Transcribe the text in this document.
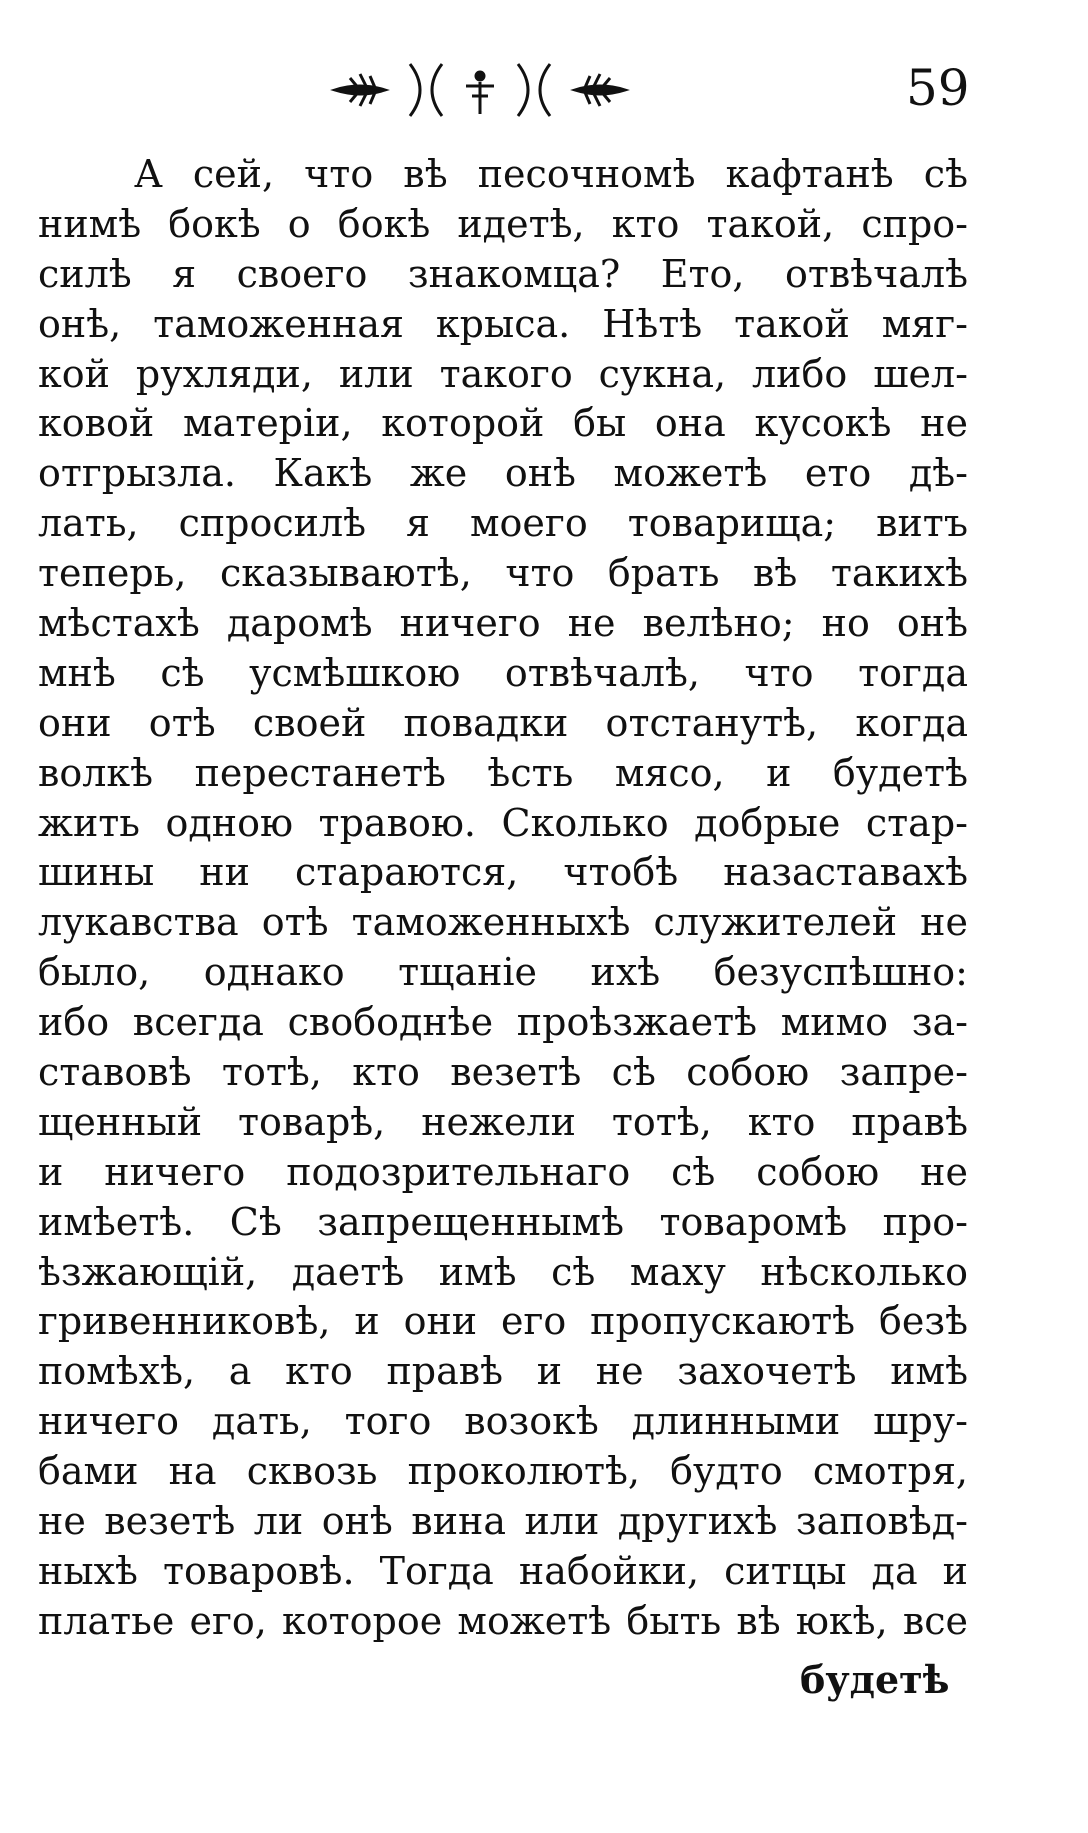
59
А сей, что вѣ песочномѣ кафтанѣ сѣ
нимѣ бокѣ о бокѣ идетѣ, кто такой, спро-
силѣ я своего знакомца? Ето, отвѣчалѣ
онѣ, таможенная крыса. Нѣтѣ такой мяг-
кой рухляди, или такого сукна, либо шел-
ковой матеріи, которой бы она кусокѣ не
отгрызла. Какѣ же онѣ можетѣ ето дѣ-
лать, спросилѣ я моего товарища; витъ
теперь, сказываютѣ, что брать вѣ такихѣ
мѣстахѣ даромѣ ничего не велѣно; но онѣ
мнѣ сѣ усмѣшкою отвѣчалѣ, что тогда
они отѣ своей повадки отстанутѣ, когда
волкѣ перестанетѣ ѣсть мясо, и будетѣ
жить одною травою. Сколько добрые стар-
шины ни стараются, чтобѣ назаставахѣ
лукавства отѣ таможенныхѣ служителей не
было, однако тщаніе ихѣ безуспѣшно:
ибо всегда свободнѣе проѣзжаетѣ мимо за-
ставовѣ тотѣ, кто везетѣ сѣ собою запре-
щенный товарѣ, нежели тотѣ, кто правѣ
и ничего подозрительнаго сѣ собою не
имѣетѣ. Сѣ запрещеннымѣ товаромѣ про-
ѣзжающій, даетѣ имѣ сѣ маху нѣсколько
гривенниковѣ, и они его пропускаютѣ безѣ
помѣхѣ, а кто правѣ и не захочетѣ имѣ
ничего дать, того возокѣ длинными шру-
бами на сквозь проколютѣ, будто смотря,
не везетѣ ли онѣ вина или другихѣ заповѣд-
ныхѣ товаровѣ. Тогда набойки, ситцы да и
платье его, которое можетѣ быть вѣ юкѣ, все
будетѣ
